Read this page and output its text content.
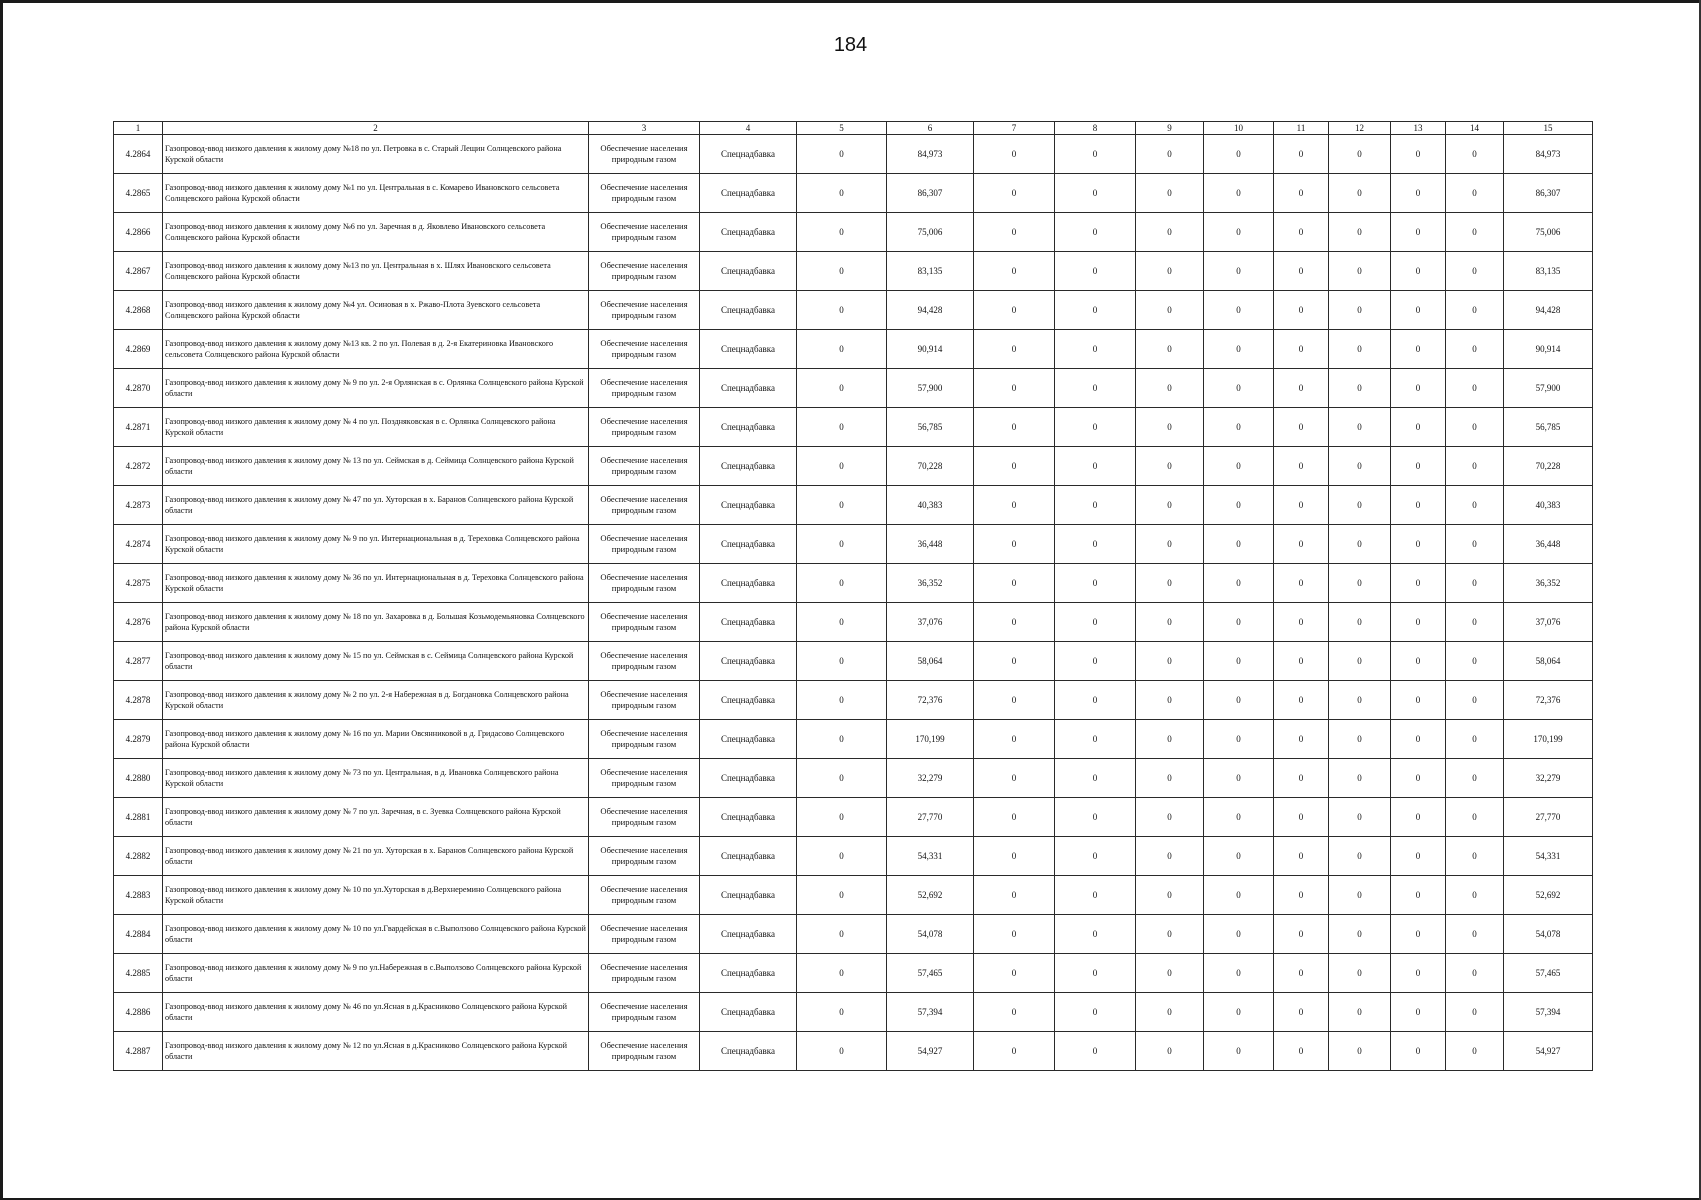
184
1	2	3	4	5	6	7	8	9	10	11	12	13	14	15
4.2864	Газопровод-ввод низкого давления к жилому дому №18 по ул. Петровка в с. Старый Лещин Солнцевского района Курской области	Обеспечение населения природным газом	Спецнадбавка	0	84,973	0	0	0	0	0	0	0	0	84,973
4.2865	Газопровод-ввод низкого давления к жилому дому №1 по ул. Центральная в с. Комарево Ивановского сельсовета Солнцевского района Курской области	Обеспечение населения природным газом	Спецнадбавка	0	86,307	0	0	0	0	0	0	0	0	86,307
4.2866	Газопровод-ввод низкого давления к жилому дому №6 по ул. Заречная в д. Яковлево Ивановского сельсовета Солнцевского района Курской области	Обеспечение населения природным газом	Спецнадбавка	0	75,006	0	0	0	0	0	0	0	0	75,006
4.2867	Газопровод-ввод низкого давления к жилому дому №13 по ул. Центральная в х. Шлях Ивановского сельсовета Солнцевского района Курской области	Обеспечение населения природным газом	Спецнадбавка	0	83,135	0	0	0	0	0	0	0	0	83,135
4.2868	Газопровод-ввод низкого давления к жилому дому №4 ул. Осиновая в х. Ржаво-Плота Зуевского сельсовета Солнцевского района Курской области	Обеспечение населения природным газом	Спецнадбавка	0	94,428	0	0	0	0	0	0	0	0	94,428
4.2869	Газопровод-ввод низкого давления к жилому дому №13 кв. 2 по ул. Полевая в д. 2-я Екатериновка Ивановского сельсовета Солнцевского района Курской области	Обеспечение населения природным газом	Спецнадбавка	0	90,914	0	0	0	0	0	0	0	0	90,914
4.2870	Газопровод-ввод низкого давления к жилому дому № 9 по ул. 2-я Орлянская в с. Орлянка Солнцевского района Курской области	Обеспечение населения природным газом	Спецнадбавка	0	57,900	0	0	0	0	0	0	0	0	57,900
4.2871	Газопровод-ввод низкого давления к жилому дому № 4 по ул. Позднякoвская в с. Орлянка Солнцевского района Курской области	Обеспечение населения природным газом	Спецнадбавка	0	56,785	0	0	0	0	0	0	0	0	56,785
4.2872	Газопровод-ввод низкого давления к жилому дому № 13 по ул. Сеймская в д. Сеймица Солнцевского района Курской области	Обеспечение населения природным газом	Спецнадбавка	0	70,228	0	0	0	0	0	0	0	0	70,228
4.2873	Газопровод-ввод низкого давления к жилому дому № 47 по ул. Хуторская в х. Баранов Солнцевского района Курской области	Обеспечение населения природным газом	Спецнадбавка	0	40,383	0	0	0	0	0	0	0	0	40,383
4.2874	Газопровод-ввод низкого давления к жилому дому № 9 по ул. Интернациональная в д. Тереховка Солнцевского района Курской области	Обеспечение населения природным газом	Спецнадбавка	0	36,448	0	0	0	0	0	0	0	0	36,448
4.2875	Газопровод-ввод низкого давления к жилому дому № 36 по ул. Интернациональная в д. Тереховка Солнцевского района Курской области	Обеспечение населения природным газом	Спецнадбавка	0	36,352	0	0	0	0	0	0	0	0	36,352
4.2876	Газопровод-ввод низкого давления к жилому дому № 18 по ул. Захаровка в д. Большая Козьмодемьяновка Солнцевского района Курской области	Обеспечение населения природным газом	Спецнадбавка	0	37,076	0	0	0	0	0	0	0	0	37,076
4.2877	Газопровод-ввод низкого давления к жилому дому № 15 по ул. Сеймская в с. Сеймица Солнцевского района Курской области	Обеспечение населения природным газом	Спецнадбавка	0	58,064	0	0	0	0	0	0	0	0	58,064
4.2878	Газопровод-ввод низкого давления к жилому дому № 2 по ул. 2-я Набережная в д. Богдановка Солнцевского района Курской области	Обеспечение населения природным газом	Спецнадбавка	0	72,376	0	0	0	0	0	0	0	0	72,376
4.2879	Газопровод-ввод низкого давления к жилому дому № 16 по ул. Марии Овсянниковой в д. Гридасово Солнцевского района Курской области	Обеспечение населения природным газом	Спецнадбавка	0	170,199	0	0	0	0	0	0	0	0	170,199
4.2880	Газопровод-ввод низкого давления к жилому дому № 73 по ул. Центральная, в д. Ивановка Солнцевского района Курской области	Обеспечение населения природным газом	Спецнадбавка	0	32,279	0	0	0	0	0	0	0	0	32,279
4.2881	Газопровод-ввод низкого давления к жилому дому № 7 по ул. Заречная, в с. Зуевка Солнцевского района Курской области	Обеспечение населения природным газом	Спецнадбавка	0	27,770	0	0	0	0	0	0	0	0	27,770
4.2882	Газопровод-ввод низкого давления к жилому дому № 21 по ул. Хуторская в х. Баранов Солнцевского района Курской области	Обеспечение населения природным газом	Спецнадбавка	0	54,331	0	0	0	0	0	0	0	0	54,331
4.2883	Газопровод-ввод низкого давления к жилому дому № 10 по ул.Хуторская в д.Верхнеремино Солнцевского района Курской области	Обеспечение населения природным газом	Спецнадбавка	0	52,692	0	0	0	0	0	0	0	0	52,692
4.2884	Газопровод-ввод низкого давления к жилому дому № 10 по ул.Гвардейская в с.Выползово Солнцевского района Курской области	Обеспечение населения природным газом	Спецнадбавка	0	54,078	0	0	0	0	0	0	0	0	54,078
4.2885	Газопровод-ввод низкого давления к жилому дому № 9 по ул.Набережная в с.Выползово Солнцевского района Курской области	Обеспечение населения природным газом	Спецнадбавка	0	57,465	0	0	0	0	0	0	0	0	57,465
4.2886	Газопровод-ввод низкого давления к жилому дому № 46 по ул.Ясная в д.Красниково Солнцевского района Курской области	Обеспечение населения природным газом	Спецнадбавка	0	57,394	0	0	0	0	0	0	0	0	57,394
4.2887	Газопровод-ввод низкого давления к жилому дому № 12 по ул.Ясная в д.Красниково Солнцевского района Курской области	Обеспечение населения природным газом	Спецнадбавка	0	54,927	0	0	0	0	0	0	0	0	54,927
